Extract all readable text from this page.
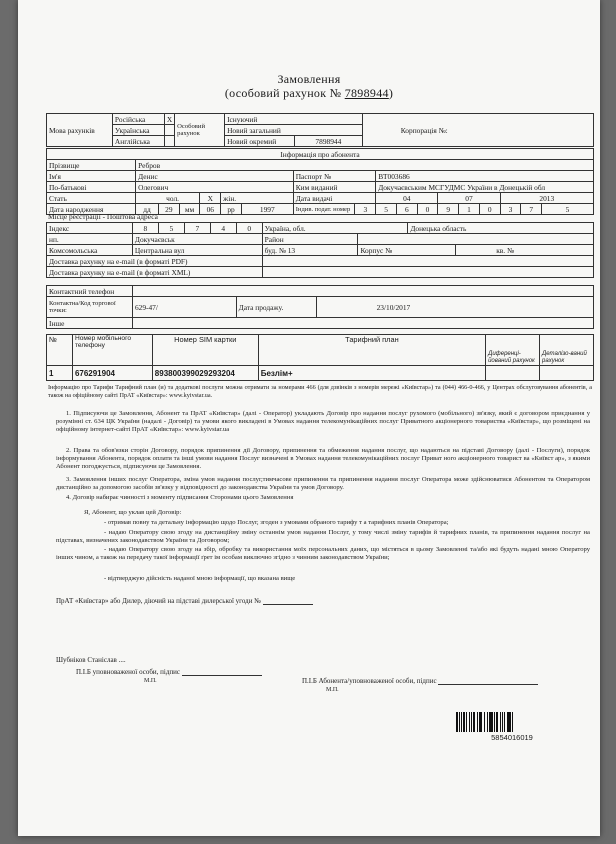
Замовлення
(особовий рахунок № 7898944)
Мова рахунків	Російська	X	Особовий рахунок	Існуючий		Корпорація №:
	Українська			Новий загальний		
	Англійська			Новий окремий	7898944	
Інформація про абонента																	
Прізвище	Ребров																
Ім'я	Денис						Паспорт №		ВТ003686								
По-батькові	Олегович						Ким виданий		Докучаєвським МСГУДМС України в Донецькій обл								
Стать	чол.			X	жін.		Дата видачі		04			07			2013		
Дата народження	дд	29	мм	06	рр	1997	Індив. подат. номер	3	5	6	0	9	1	0	3	7	5
Місце реєстрації - Поштова адреса
Індекс	8	5	7	4	0	Україна, обл.		Донецька область	
нп.	Докучаєвськ					Район			
Комсомольська	Центральна вул					буд. № 13	Корпус №		кв. №
Доставка рахунку на e-mail (в форматі PDF)									
Доставка рахунку на e-mail (в форматі XML)									
Контактний телефон			
Контактна/Код торгової точки:	629-47/	Дата продажу.	23/10/2017
Інше			
№	Номер мобільного телефону	Номер SIM картки	Тарифний план	Диференці-йований рахунок	Деталізо-ваний рахунок
1	676291904	893800399029293204	Безлім+		
Інформацію про Тарифи Тарифний план (и) та додаткові послуги можна отримати за номерами 466 (для дзвінків з номерів мережі «Київстар») та (044) 466-0-466, у Центрах обслуговування абонентів, а також на офіційному сайті ПрАТ «Київстар»: www.kyivstar.ua.
1. Підписуючи це Замовлення, Абонент та ПрАТ «Київстар» (далі - Оператор) укладають Договір про надання послуг рухомого (мобільного) зв'язку, який є договором приєднання у розумінні ст. 634 ЦК України (надалі - Договір) та умови якого викладені в Умовах надання телекомунікаційних послуг Приватного акціонерного товариства «Київстар», що розміщені на офіційному інтернет-сайті ПрАТ «Київстар»: www.kyivstar.ua
2. Права та обов'язки сторін Договору, порядок припинення дії Договору, припинення та обмеження надання послуг, що надаються на підставі Договору (далі - Послуги), порядок інформування Абонента, порядок оплати та інші умови надання Послуг визначені в Умовах надання телекомунікаційних послуг Приват ного акціонерного товарист ва «Київст ар», з якими Абонент погоджується, підписуючи це Замовлення.
3. Замовлення інших послуг Оператора, зміна умов надання послуг,тимчасове припинення та припинення надання послуг Оператора може здійснюватися Абонентом та Оператором дистанційно за допомогою засобів зв'язку у відповідності до законодавства України та умов Договору.
4. Договір набирає чинності з моменту підписання Сторонами цього Замовлення
Я, Абонент, що уклав цей Договір:
- отримав повну та детальну інформацію щодо Послуг, згоден з умовами обраного тарифу т а тарифних планів Оператора;
- надаю Оператору свою згоду на дистанційну зміну останнім умов надання Послуг, у тому числі зміну тарифів й тарифних планів, та припинення надання послуг на підставах, визначених законодавством України та Договором;
- надаю Оператору свою згоду на збір, обробку та використання моїх персональних даних, що містяться в цьому Замовленні та/або які будуть надані мною Оператору інших чином, а також на передачу такої інформації ґрет ім особам виключно згідно з чинним законодавством України;
- відтверджую дійсність наданої мною інформації, що вказана вище
ПрАТ «Київстар» або Дилер, діючий на підставі дилерської угоди №
Шубніков Станіслав ....
П.І.Б уповноваженої особи, підпис
М.П.	П.І.Б Абонента/уповноваженої особи, підпис
М.П.
5854016019
